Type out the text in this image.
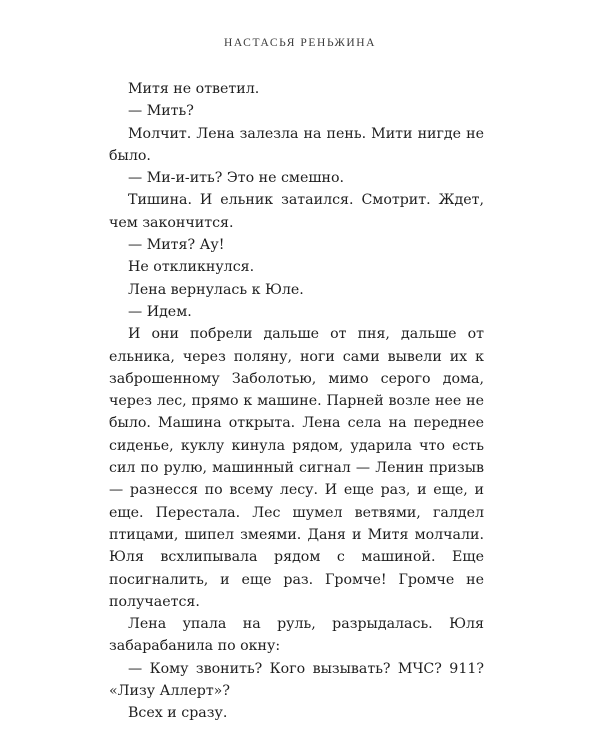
НАСТАСЬЯ РЕНЬЖИНА

Митя не ответил.

— Мить?

Молчит. Лена залезла на пень. Мити нигде не было.

— Ми-и-ить? Это не смешно.

Тишина. И ельник затаился. Смотрит. Ждет, чем закончится.

— Митя? Ау!

Не откликнулся.

Лена вернулась к Юле.

— Идем.

И они побрели дальше от пня, дальше от ельника, через поляну, ноги сами вывели их к заброшенному Заболотью, мимо серого дома, через лес, прямо к машине. Парней возле нее не было. Машина открыта. Лена села на переднее сиденье, куклу кинула рядом, ударила что есть сил по рулю, машинный сигнал — Ленин призыв — разнесся по всему лесу. И еще раз, и еще, и еще. Перестала. Лес шумел ветвями, галдел птицами, шипел змеями. Даня и Митя молчали. Юля всхлипывала рядом с машиной. Еще посигналить, и еще раз. Громче! Громче не получается.

Лена упала на руль, разрыдалась. Юля забарабанила по окну:

— Кому звонить? Кого вызывать? МЧС? 911? «Лизу Аллерт»?

Всех и сразу.
